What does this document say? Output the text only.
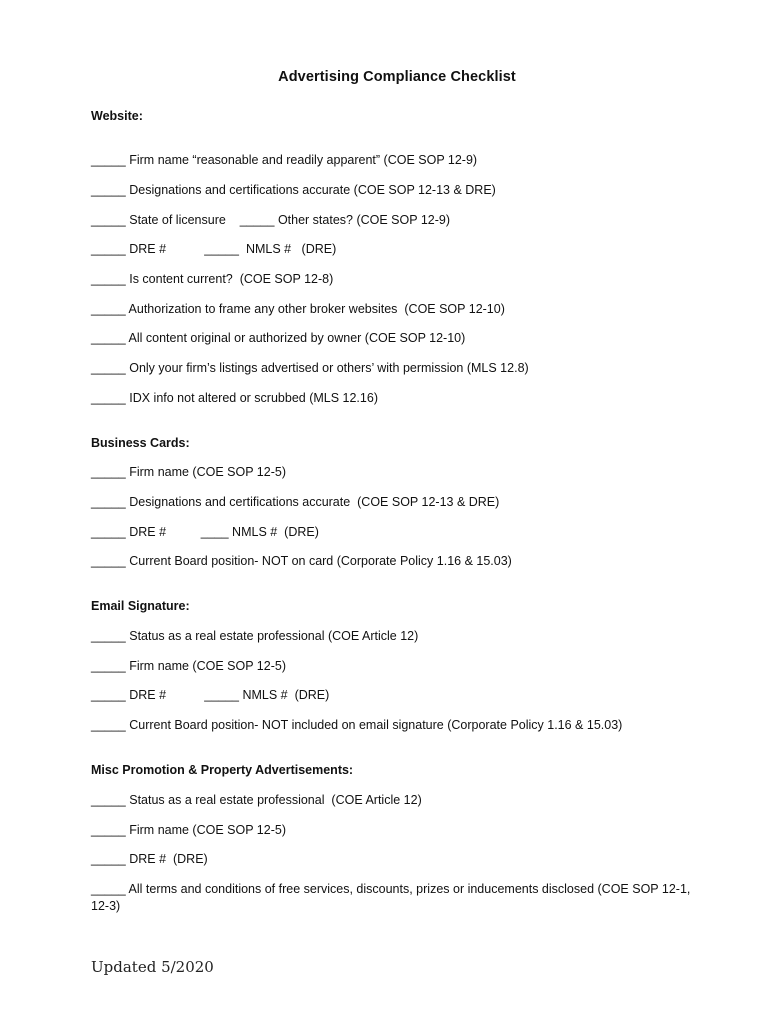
Advertising Compliance Checklist
Website:
_____ Firm name “reasonable and readily apparent” (COE SOP 12-9)
_____ Designations and certifications accurate (COE SOP 12-13 & DRE)
_____ State of licensure    _____ Other states? (COE SOP 12-9)
_____ DRE #           _____  NMLS #   (DRE)
_____ Is content current?  (COE SOP 12-8)
_____ Authorization to frame any other broker websites  (COE SOP 12-10)
_____ All content original or authorized by owner (COE SOP 12-10)
_____ Only your firm’s listings advertised or others’ with permission (MLS 12.8)
_____ IDX info not altered or scrubbed (MLS 12.16)
Business Cards:
_____ Firm name (COE SOP 12-5)
_____ Designations and certifications accurate  (COE SOP 12-13 & DRE)
_____ DRE #          ____ NMLS #  (DRE)
_____ Current Board position- NOT on card (Corporate Policy 1.16 & 15.03)
Email Signature:
_____ Status as a real estate professional (COE Article 12)
_____ Firm name (COE SOP 12-5)
_____ DRE #           _____ NMLS #  (DRE)
_____ Current Board position- NOT included on email signature (Corporate Policy 1.16 & 15.03)
Misc Promotion & Property Advertisements:
_____ Status as a real estate professional  (COE Article 12)
_____ Firm name (COE SOP 12-5)
_____ DRE #  (DRE)
_____ All terms and conditions of free services, discounts, prizes or inducements disclosed (COE SOP 12-1, 12-3)
Updated 5/2020
